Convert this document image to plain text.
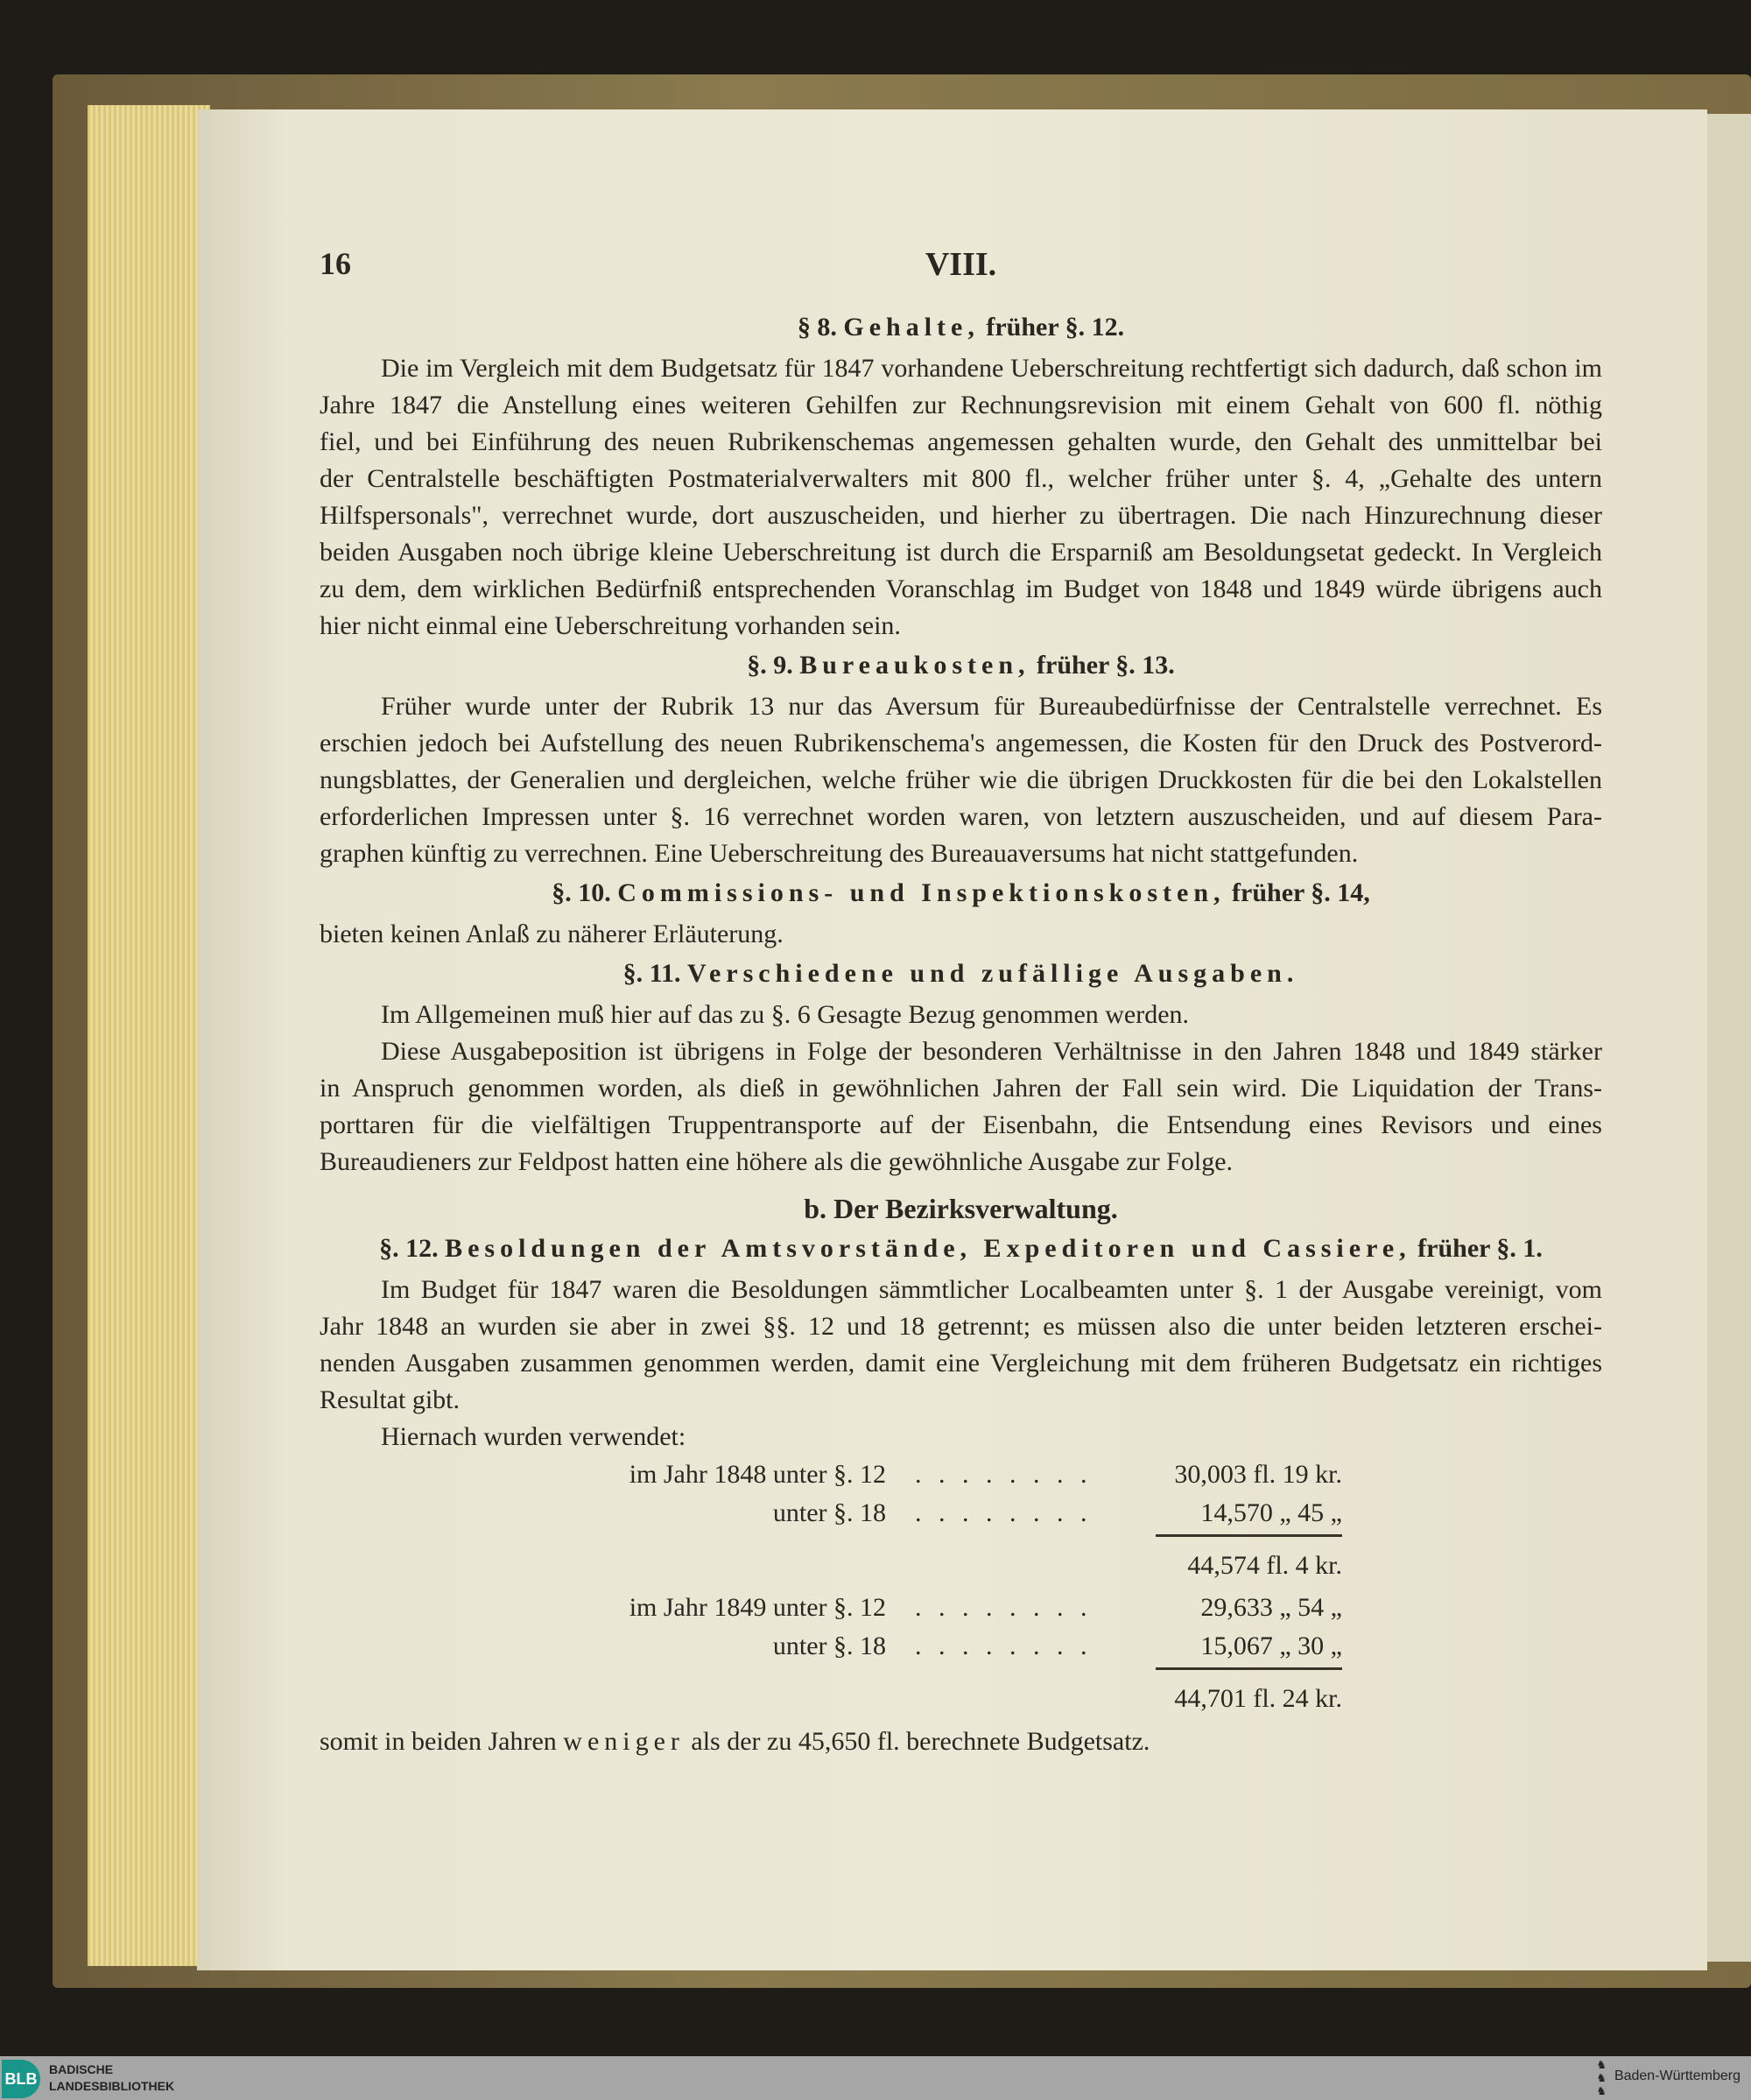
16	VIII.
§ 8. Gehalte, früher §. 12.
Die im Vergleich mit dem Budgetsatz für 1847 vorhandene Ueberschreitung rechtfertigt sich dadurch, daß schon im
Jahre 1847 die Anstellung eines weiteren Gehilfen zur Rechnungsrevision mit einem Gehalt von 600 fl. nöthig
fiel, und bei Einführung des neuen Rubrikenschemas angemessen gehalten wurde, den Gehalt des unmittelbar bei
der Centralstelle beschäftigten Postmaterialverwalters mit 800 fl., welcher früher unter §. 4, „Gehalte des untern
Hilfspersonals", verrechnet wurde, dort auszuscheiden, und hierher zu übertragen. Die nach Hinzurechnung dieser
beiden Ausgaben noch übrige kleine Ueberschreitung ist durch die Ersparniß am Besoldungsetat gedeckt. In Vergleich
zu dem, dem wirklichen Bedürfniß entsprechenden Voranschlag im Budget von 1848 und 1849 würde übrigens auch
hier nicht einmal eine Ueberschreitung vorhanden sein.
§. 9. Bureaukosten, früher §. 13.
Früher wurde unter der Rubrik 13 nur das Aversum für Bureaubedürfnisse der Centralstelle verrechnet. Es
erschien jedoch bei Aufstellung des neuen Rubrikenschema's angemessen, die Kosten für den Druck des Postverord-
nungsblattes, der Generalien und dergleichen, welche früher wie die übrigen Druckkosten für die bei den Lokalstellen
erforderlichen Impressen unter §. 16 verrechnet worden waren, von letztern auszuscheiden, und auf diesem Para-
graphen künftig zu verrechnen. Eine Ueberschreitung des Bureauaversums hat nicht stattgefunden.
§. 10. Commissions- und Inspektionskosten, früher §. 14,
bieten keinen Anlaß zu näherer Erläuterung.
§. 11. Verschiedene und zufällige Ausgaben.
Im Allgemeinen muß hier auf das zu §. 6 Gesagte Bezug genommen werden.
Diese Ausgabeposition ist übrigens in Folge der besonderen Verhältnisse in den Jahren 1848 und 1849 stärker
in Anspruch genommen worden, als dieß in gewöhnlichen Jahren der Fall sein wird. Die Liquidation der Trans-
porttaren für die vielfältigen Truppentransporte auf der Eisenbahn, die Entsendung eines Revisors und eines
Bureaudieners zur Feldpost hatten eine höhere als die gewöhnliche Ausgabe zur Folge.
b. Der Bezirksverwaltung.
§. 12. Besoldungen der Amtsvorstände, Expeditoren und Cassiere, früher §. 1.
Im Budget für 1847 waren die Besoldungen sämmtlicher Localbeamten unter §. 1 der Ausgabe vereinigt, vom
Jahr 1848 an wurden sie aber in zwei §§. 12 und 18 getrennt; es müssen also die unter beiden letzteren erschei-
nenden Ausgaben zusammen genommen werden, damit eine Vergleichung mit dem früheren Budgetsatz ein richtiges
Resultat gibt.
Hiernach wurden verwendet:
im Jahr 1848 unter §. 12 . . . . . . . .	30,003 fl. 19 kr.
unter §. 18 . . . . . . . .	14,570 „ 45 „
44,574 fl. 4 kr.
im Jahr 1849 unter §. 12 . . . . . . . .	29,633 „ 54 „
unter §. 18 . . . . . . . .	15,067 „ 30 „
44,701 fl. 24 kr.
somit in beiden Jahren weniger als der zu 45,650 fl. berechnete Budgetsatz.
BLB
BADISCHE
LANDESBIBLIOTHEK
♞
♞
♞
Baden-Württemberg
